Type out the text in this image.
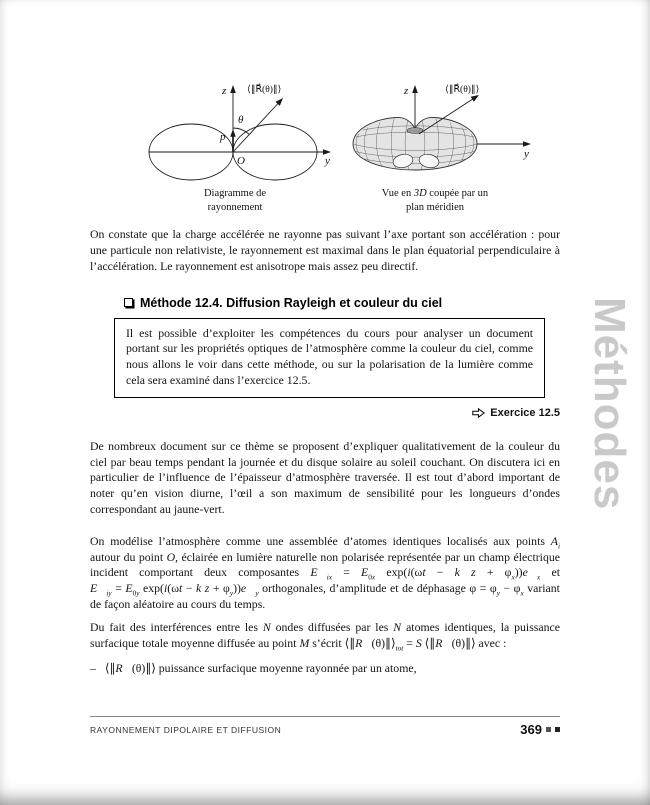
y
z
p⃗
⟨∥R⃗(θ)∥⟩
θ
O
Diagramme de
rayonnement
z
y
⟨∥R⃗(θ)∥⟩
Vue en 3D coupée par un
plan méridien

On constate que la charge accélérée ne rayonne pas suivant l’axe portant son accélération : pour une particule non relativiste, le rayonnement est maximal dans le plan équatorial perpendiculaire à l’accélération. Le rayonnement est anisotrope mais assez peu directif.

Méthode 12.4. Diffusion Rayleigh et couleur du ciel
Il est possible d’exploiter les compétences du cours pour analyser un document portant sur les propriétés optiques de l’atmosphère comme la couleur du ciel, comme nous allons le voir dans cette méthode, ou sur la polarisation de la lumière comme cela sera examiné dans l’exercice 12.5.
Exercice 12.5

De nombreux document sur ce thème se proposent d’expliquer qualitativement de la couleur du ciel par beau temps pendant la journée et du disque solaire au soleil couchant. On discutera ici en particulier de l’influence de l’épaisseur d’atmosphère traversée. Il est tout d’abord important de noter qu’en vision diurne, l’œil a son maximum de sensibilité pour les longueurs d’ondes correspondant au jaune-vert.

On modélise l’atmosphère comme une assemblée d’atomes identiques localisés aux points $A_i$ autour du point O, éclairée en lumière naturelle non polarisée représentée par un champ électrique incident comportant deux composantes $E⃗_{ix} = E_{0x}$ exp(i(ωt − k $z + \varphi_x))e⃗_x$ et $E⃗_{iy} = E_{0y}$ exp(i(ωt − k $z + \varphi_y))e⃗_y$ orthogonales, d’amplitude et de déphasage $\varphi = \varphi_y - \varphi_x$ variant de façon aléatoire au cours du temps.

Du fait des interférences entre les N ondes diffusées par les N atomes identiques, la puissance surfacique totale moyenne diffusée au point M s’écrit $⟨\parallel R⃗(\theta)\parallel⟩_{tot} = S$ ⟨∥R⃗(θ)∥⟩ avec :

– ⟨∥R⃗(θ)∥⟩ puissance surfacique moyenne rayonnée par un atome,
Méthodes
RAYONNEMENT DIPOLAIRE ET DIFFUSION	369
